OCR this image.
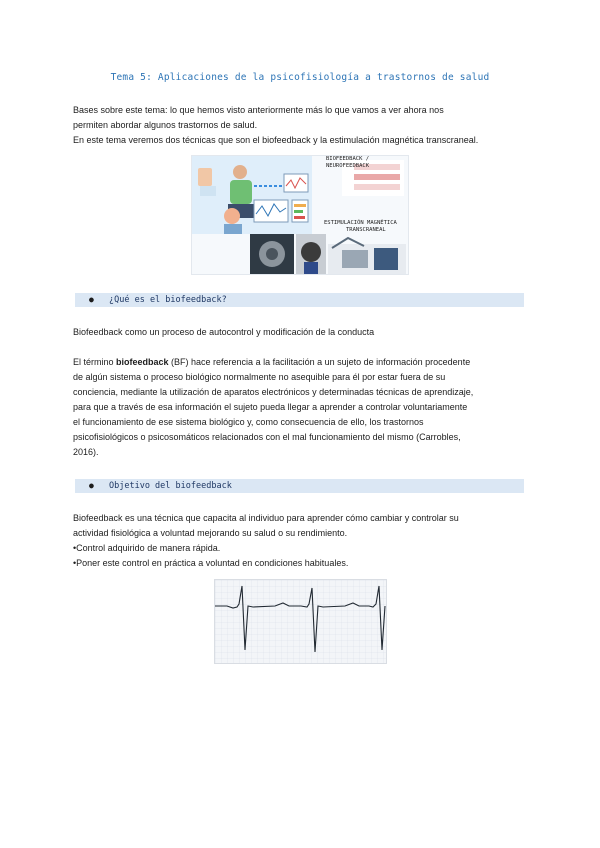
Tema 5: Aplicaciones de la psicofisiología a trastornos de salud

Bases sobre este tema: lo que hemos visto anteriormente más lo que vamos a ver ahora nos

permiten abordar algunos trastornos de salud.

En este tema veremos dos técnicas que son el biofeedback y la estimulación magnética transcraneal.

BIOFEEDBACK /
NEUROFEEDBACK
ESTIMULACIÓN MAGNÉTICA
TRANSCRANEAL
● ¿Qué es el biofeedback?

Biofeedback como un proceso de autocontrol y modificación de la conducta

El término biofeedback (BF) hace referencia a la facilitación a un sujeto de información procedente

de algún sistema o proceso biológico normalmente no asequible para él por estar fuera de su

conciencia, mediante la utilización de aparatos electrónicos y determinadas técnicas de aprendizaje,

para que a través de esa información el sujeto pueda llegar a aprender a controlar voluntariamente

el funcionamiento de ese sistema biológico y, como consecuencia de ello, los trastornos

psicofisiológicos o psicosomáticos relacionados con el mal funcionamiento del mismo (Carrobles,

2016).

● Objetivo del biofeedback

Biofeedback es una técnica que capacita al individuo para aprender cómo cambiar y controlar su

actividad fisiológica a voluntad mejorando su salud o su rendimiento.

•Control adquirido de manera rápida.

•Poner este control en práctica a voluntad en condiciones habituales.
